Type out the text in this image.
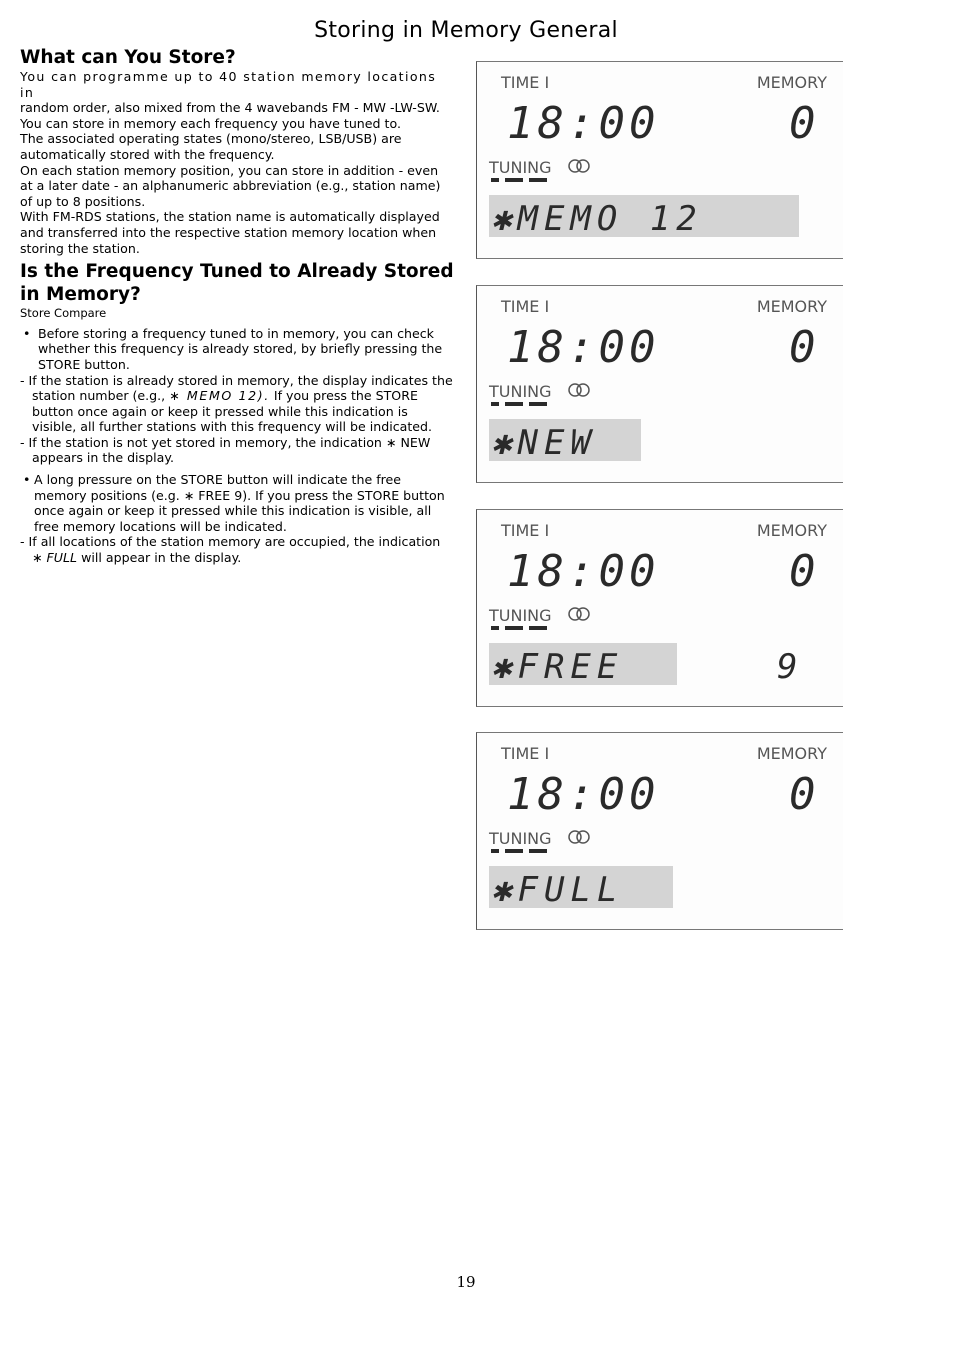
Storing in Memory General
What can You Store?

You can programme up to 40 station memory locations in

random order, also mixed from the 4 wavebands FM - MW -LW-SW.

You can store in memory each frequency you have tuned to.

The associated operating states (mono/stereo, LSB/USB) are automatically stored with the frequency.

On each station memory position, you can store in addition - even at a later date - an alphanumeric abbreviation (e.g., station name) of up to 8 positions.

With FM-RDS stations, the station name is automatically displayed and transferred into the respective station memory location when storing the station.

Is the Frequency Tuned to Already Stored in Memory?

Store Compare

• Before storing a frequency tuned to in memory, you can check whether this frequency is already stored, by briefly pressing the STORE button.

- If the station is already stored in memory, the display indicates the station number (e.g., ∗ MEMO 12). If you press the STORE button once again or keep it pressed while this indication is visible, all further stations with this frequency will be indicated.

- If the station is not yet stored in memory, the indication ∗ NEW appears in the display.

• A long pressure on the STORE button will indicate the free memory positions (e.g. ∗ FREE 9). If you press the STORE button once again or keep it pressed while this indication is visible, all free memory locations will be indicated.

- If all locations of the station memory are occupied, the indication ∗ FULL will appear in the display.

TIME I	MEMORY
18:00	0
TUNING
✱MEMO 12
TIME I	MEMORY
18:00	0
TUNING
✱NEW
TIME I	MEMORY
18:00	0
TUNING
✱FREE	9
TIME I	MEMORY
18:00	0
TUNING
✱FULL
19
